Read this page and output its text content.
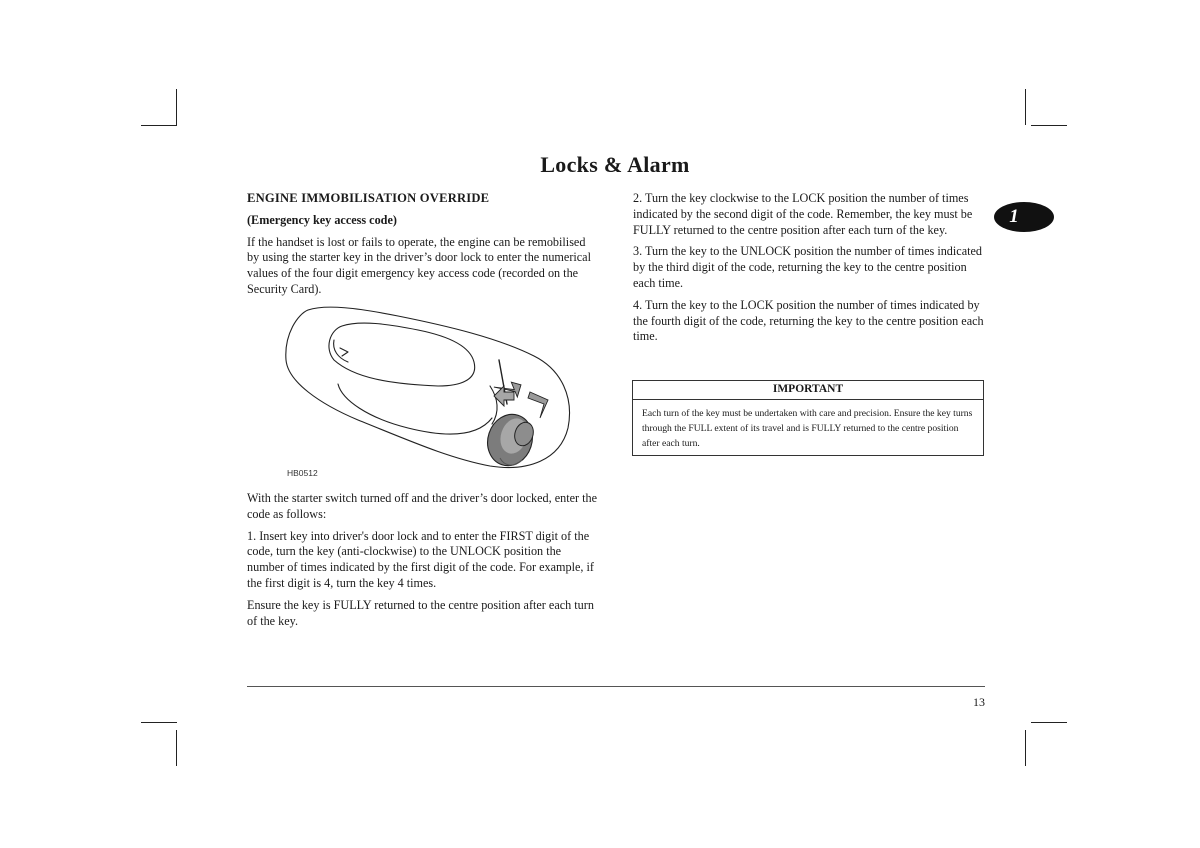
Locks & Alarm
1

ENGINE IMMOBILISATION OVERRIDE

(Emergency key access code)

If the handset is lost or fails to operate, the engine can be remobilised by using the starter key in the driver’s door lock to enter the numerical values of the four digit emergency key access code (recorded on the Security Card).

HB0512

With the starter switch turned off and the driver’s door locked, enter the code as follows:

1. Insert key into driver's door lock and to enter the FIRST digit of the code, turn the key (anti-clockwise) to the UNLOCK position the number of times indicated by the first digit of the code. For example, if the first digit is 4, turn the key 4 times.

Ensure the key is FULLY returned to the centre position after each turn of the key.

2. Turn the key clockwise to the LOCK position the number of times indicated by the second digit of the code. Remember, the key must be FULLY returned to the centre position after each turn of the key.

3. Turn the key to the UNLOCK position the number of times indicated by the third digit of the code, returning the key to the centre position each time.

4. Turn the key to the LOCK position the number of times indicated by the fourth digit of the code, returning the key to the centre position each time.

IMPORTANT
Each turn of the key must be undertaken with care and precision. Ensure the key turns through the FULL extent of its travel and is FULLY returned to the centre position after each turn.
13
